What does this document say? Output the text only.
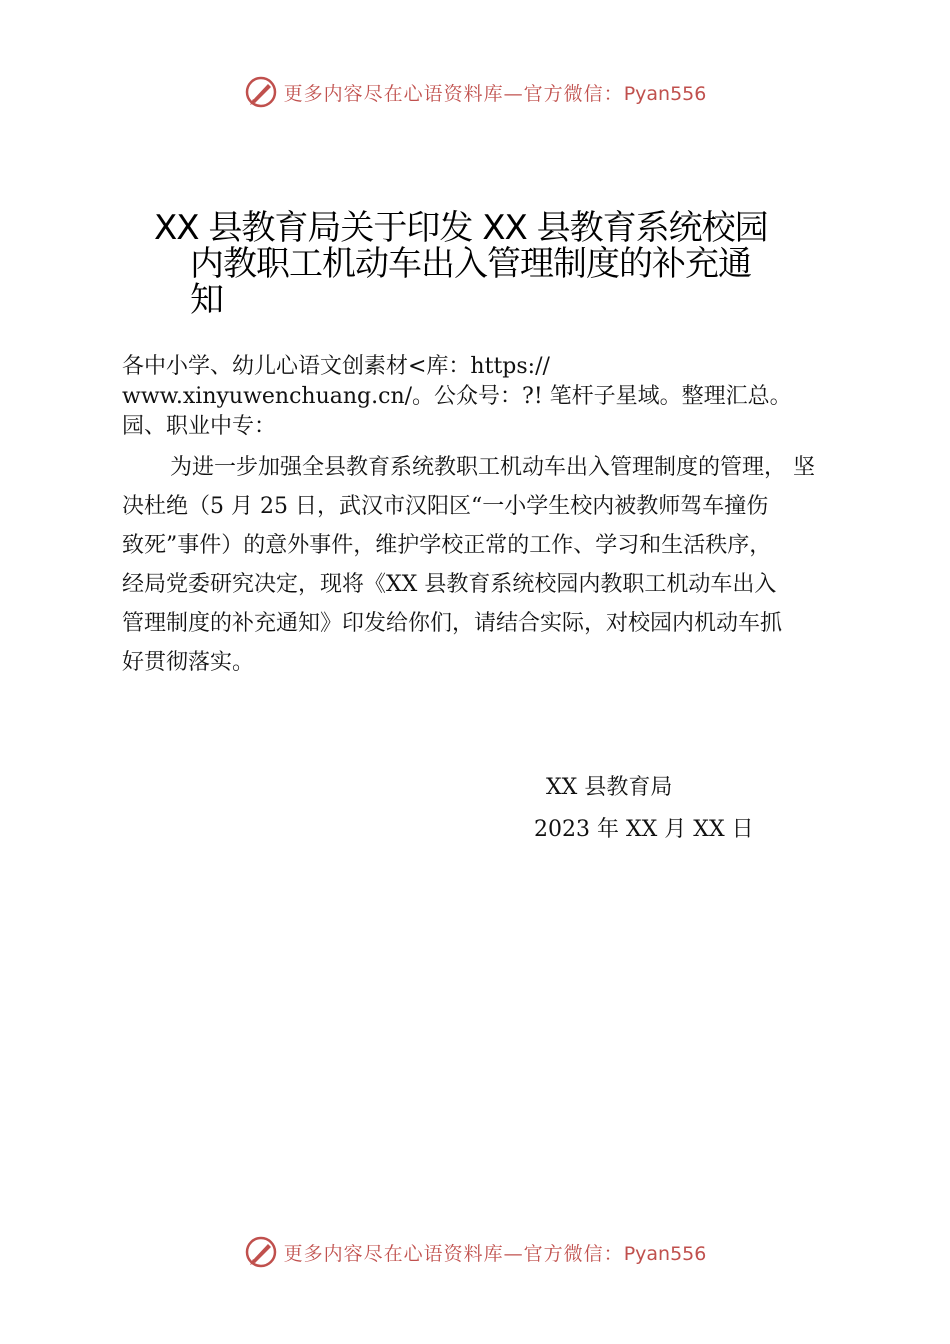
更多内容尽在心语资料库—官方微信：Pyan556
XX 县教育局关于印发 XX 县教育系统校园
内教职工机动车出入管理制度的补充通
知
各中小学、幼儿心语文创素材<库：https://
www.xinyuwenchuang.cn/。公众号：?! 笔杆子星域。整理汇总。
园、职业中专：
为进一步加强全县教育系统教职工机动车出入管理制度的管理， 坚
决杜绝（5 月 25 日，武汉市汉阳区“一小学生校内被教师驾车撞伤
致死”事件）的意外事件，维护学校正常的工作、学习和生活秩序，
经局党委研究决定，现将《XX 县教育系统校园内教职工机动车出入
管理制度的补充通知》印发给你们，请结合实际，对校园内机动车抓
好贯彻落实。
XX 县教育局
2023 年 XX 月 XX 日
更多内容尽在心语资料库—官方微信：Pyan556
